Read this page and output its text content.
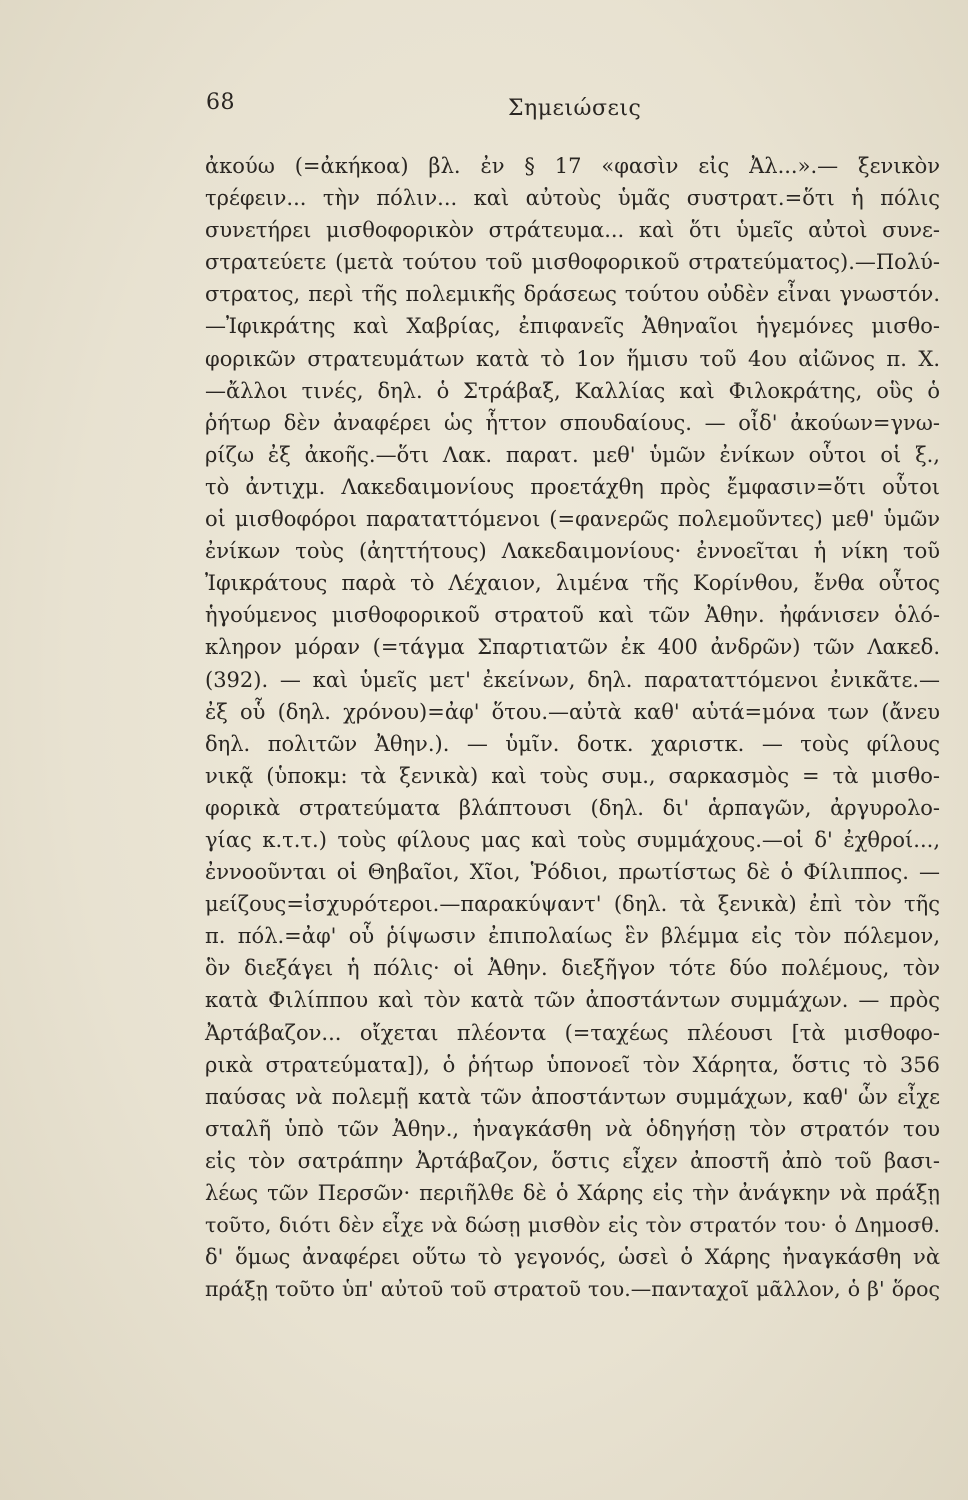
68	Σημειώσεις
ἀκούω (=ἀκήκοα) βλ. ἐν § 17 «φασὶν εἰς Ἀλ...».— ξενικὸν
τρέφειν... τὴν πόλιν... καὶ αὐτοὺς ὑμᾶς συστρατ.=ὅτι ἡ πόλις
συνετήρει μισθοφορικὸν στράτευμα... καὶ ὅτι ὑμεῖς αὐτοὶ συνε-
στρατεύετε (μετὰ τούτου τοῦ μισθοφορικοῦ στρατεύματος).—Πολύ-
στρατος, περὶ τῆς πολεμικῆς δράσεως τούτου οὐδὲν εἶναι γνωστόν.
—Ἰφικράτης καὶ Χαβρίας, ἐπιφανεῖς Ἀθηναῖοι ἡγεμόνες μισθο-
φορικῶν στρατευμάτων κατὰ τὸ 1ον ἥμισυ τοῦ 4ου αἰῶνος π. Χ.
—ἄλλοι τινές, δηλ. ὁ Στράβαξ, Καλλίας καὶ Φιλοκράτης, οὓς ὁ
ῥήτωρ δὲν ἀναφέρει ὡς ἧττον σπουδαίους. — οἶδ' ἀκούων=γνω-
ρίζω ἐξ ἀκοῆς.—ὅτι Λακ. παρατ. μεθ' ὑμῶν ἐνίκων οὗτοι οἱ ξ.,
τὸ ἀντιχμ. Λακεδαιμονίους προετάχθη πρὸς ἔμφασιν=ὅτι οὗτοι
οἱ μισθοφόροι παραταττόμενοι (=φανερῶς πολεμοῦντες) μεθ' ὑμῶν
ἐνίκων τοὺς (ἀηττήτους) Λακεδαιμονίους· ἐννοεῖται ἡ νίκη τοῦ
Ἰφικράτους παρὰ τὸ Λέχαιον, λιμένα τῆς Κορίνθου, ἔνθα οὗτος
ἡγούμενος μισθοφορικοῦ στρατοῦ καὶ τῶν Ἀθην. ἠφάνισεν ὁλό-
κληρον μόραν (=τάγμα Σπαρτιατῶν ἐκ 400 ἀνδρῶν) τῶν Λακεδ.
(392). — καὶ ὑμεῖς μετ' ἐκείνων, δηλ. παραταττόμενοι ἐνικᾶτε.—
ἐξ οὗ (δηλ. χρόνου)=ἀφ' ὅτου.—αὐτὰ καθ' αὑτά=μόνα των (ἄνευ
δηλ. πολιτῶν Ἀθην.). — ὑμῖν. δοτκ. χαριστκ. — τοὺς φίλους
νικᾷ (ὑποκμ: τὰ ξενικὰ) καὶ τοὺς συμ., σαρκασμὸς = τὰ μισθο-
φορικὰ στρατεύματα βλάπτουσι (δηλ. δι' ἁρπαγῶν, ἀργυρολο-
γίας κ.τ.τ.) τοὺς φίλους μας καὶ τοὺς συμμάχους.—οἱ δ' ἐχθροί...,
ἐννοοῦνται οἱ Θηβαῖοι, Χῖοι, Ῥόδιοι, πρωτίστως δὲ ὁ Φίλιππος. —
μείζους=ἰσχυρότεροι.—παρακύψαντ' (δηλ. τὰ ξενικὰ) ἐπὶ τὸν τῆς
π. πόλ.=ἀφ' οὗ ῥίψωσιν ἐπιπολαίως ἓν βλέμμα εἰς τὸν πόλεμον,
ὃν διεξάγει ἡ πόλις· οἱ Ἀθην. διεξῆγον τότε δύο πολέμους, τὸν
κατὰ Φιλίππου καὶ τὸν κατὰ τῶν ἀποστάντων συμμάχων. — πρὸς
Ἀρτάβαζον... οἴχεται πλέοντα (=ταχέως πλέουσι [τὰ μισθοφο-
ρικὰ στρατεύματα]), ὁ ῥήτωρ ὑπονοεῖ τὸν Χάρητα, ὅστις τὸ 356
παύσας νὰ πολεμῇ κατὰ τῶν ἀποστάντων συμμάχων, καθ' ὧν εἶχε
σταλῆ ὑπὸ τῶν Ἀθην., ἠναγκάσθη νὰ ὁδηγήσῃ τὸν στρατόν του
εἰς τὸν σατράπην Ἀρτάβαζον, ὅστις εἶχεν ἀποστῆ ἀπὸ τοῦ βασι-
λέως τῶν Περσῶν· περιῆλθε δὲ ὁ Χάρης εἰς τὴν ἀνάγκην νὰ πράξῃ
τοῦτο, διότι δὲν εἶχε νὰ δώσῃ μισθὸν εἰς τὸν στρατόν του· ὁ Δημοσθ.
δ' ὅμως ἀναφέρει οὕτω τὸ γεγονός, ὡσεὶ ὁ Χάρης ἠναγκάσθη νὰ
πράξῃ τοῦτο ὑπ' αὐτοῦ τοῦ στρατοῦ του.—πανταχοῖ μᾶλλον, ὁ β' ὅρος
